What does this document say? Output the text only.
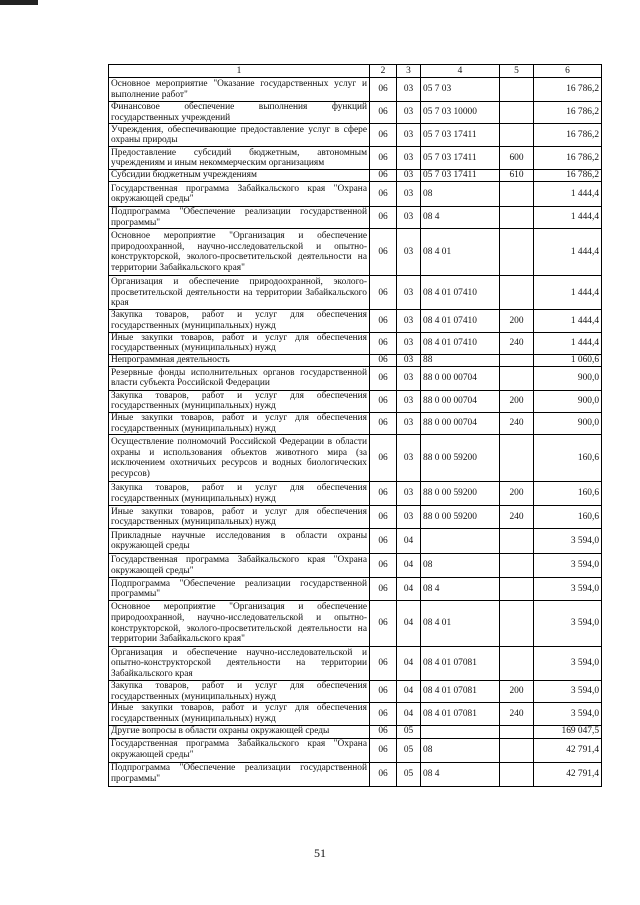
1	2	3	4	5	6
Основное мероприятие "Оказание государственных услуг и выполнение работ"	06	03	05 7 03		16 786,2
Финансовое обеспечение выполнения функций государственных учреждений	06	03	05 7 03 10000		16 786,2
Учреждения, обеспечивающие предоставление услуг в сфере охраны природы	06	03	05 7 03 17411		16 786,2
Предоставление субсидий бюджетным, автономным учреждениям и иным некоммерческим организациям	06	03	05 7 03 17411	600	16 786,2
Субсидии бюджетным учреждениям	06	03	05 7 03 17411	610	16 786,2
Государственная программа Забайкальского края "Охрана окружающей среды"	06	03	08		1 444,4
Подпрограмма "Обеспечение реализации государственной программы"	06	03	08 4		1 444,4
Основное мероприятие "Организация и обеспечение природоохранной, научно-исследовательской и опытно-конструкторской, эколого-просветительской деятельности на территории Забайкальского края"	06	03	08 4 01		1 444,4
Организация и обеспечение природоохранной, эколого-просветительской деятельности на территории Забайкальского края	06	03	08 4 01 07410		1 444,4
Закупка товаров, работ и услуг для обеспечения государственных (муниципальных) нужд	06	03	08 4 01 07410	200	1 444,4
Иные закупки товаров, работ и услуг для обеспечения государственных (муниципальных) нужд	06	03	08 4 01 07410	240	1 444,4
Непрограммная деятельность	06	03	88		1 060,6
Резервные фонды исполнительных органов государственной власти субъекта Российской Федерации	06	03	88 0 00 00704		900,0
Закупка товаров, работ и услуг для обеспечения государственных (муниципальных) нужд	06	03	88 0 00 00704	200	900,0
Иные закупки товаров, работ и услуг для обеспечения государственных (муниципальных) нужд	06	03	88 0 00 00704	240	900,0
Осуществление полномочий Российской Федерации в области охраны и использования объектов животного мира (за исключением охотничьих ресурсов и водных биологических ресурсов)	06	03	88 0 00 59200		160,6
Закупка товаров, работ и услуг для обеспечения государственных (муниципальных) нужд	06	03	88 0 00 59200	200	160,6
Иные закупки товаров, работ и услуг для обеспечения государственных (муниципальных) нужд	06	03	88 0 00 59200	240	160,6
Прикладные научные исследования в области охраны окружающей среды	06	04			3 594,0
Государственная программа Забайкальского края "Охрана окружающей среды"	06	04	08		3 594,0
Подпрограмма "Обеспечение реализации государственной программы"	06	04	08 4		3 594,0
Основное мероприятие "Организация и обеспечение природоохранной, научно-исследовательской и опытно-конструкторской, эколого-просветительской деятельности на территории Забайкальского края"	06	04	08 4 01		3 594,0
Организация и обеспечение научно-исследовательской и опытно-конструкторской деятельности на территории Забайкальского края	06	04	08 4 01 07081		3 594,0
Закупка товаров, работ и услуг для обеспечения государственных (муниципальных) нужд	06	04	08 4 01 07081	200	3 594,0
Иные закупки товаров, работ и услуг для обеспечения государственных (муниципальных) нужд	06	04	08 4 01 07081	240	3 594,0
Другие вопросы в области охраны окружающей среды	06	05			169 047,5
Государственная программа Забайкальского края "Охрана окружающей среды"	06	05	08		42 791,4
Подпрограмма "Обеспечение реализации государственной программы"	06	05	08 4		42 791,4
51
